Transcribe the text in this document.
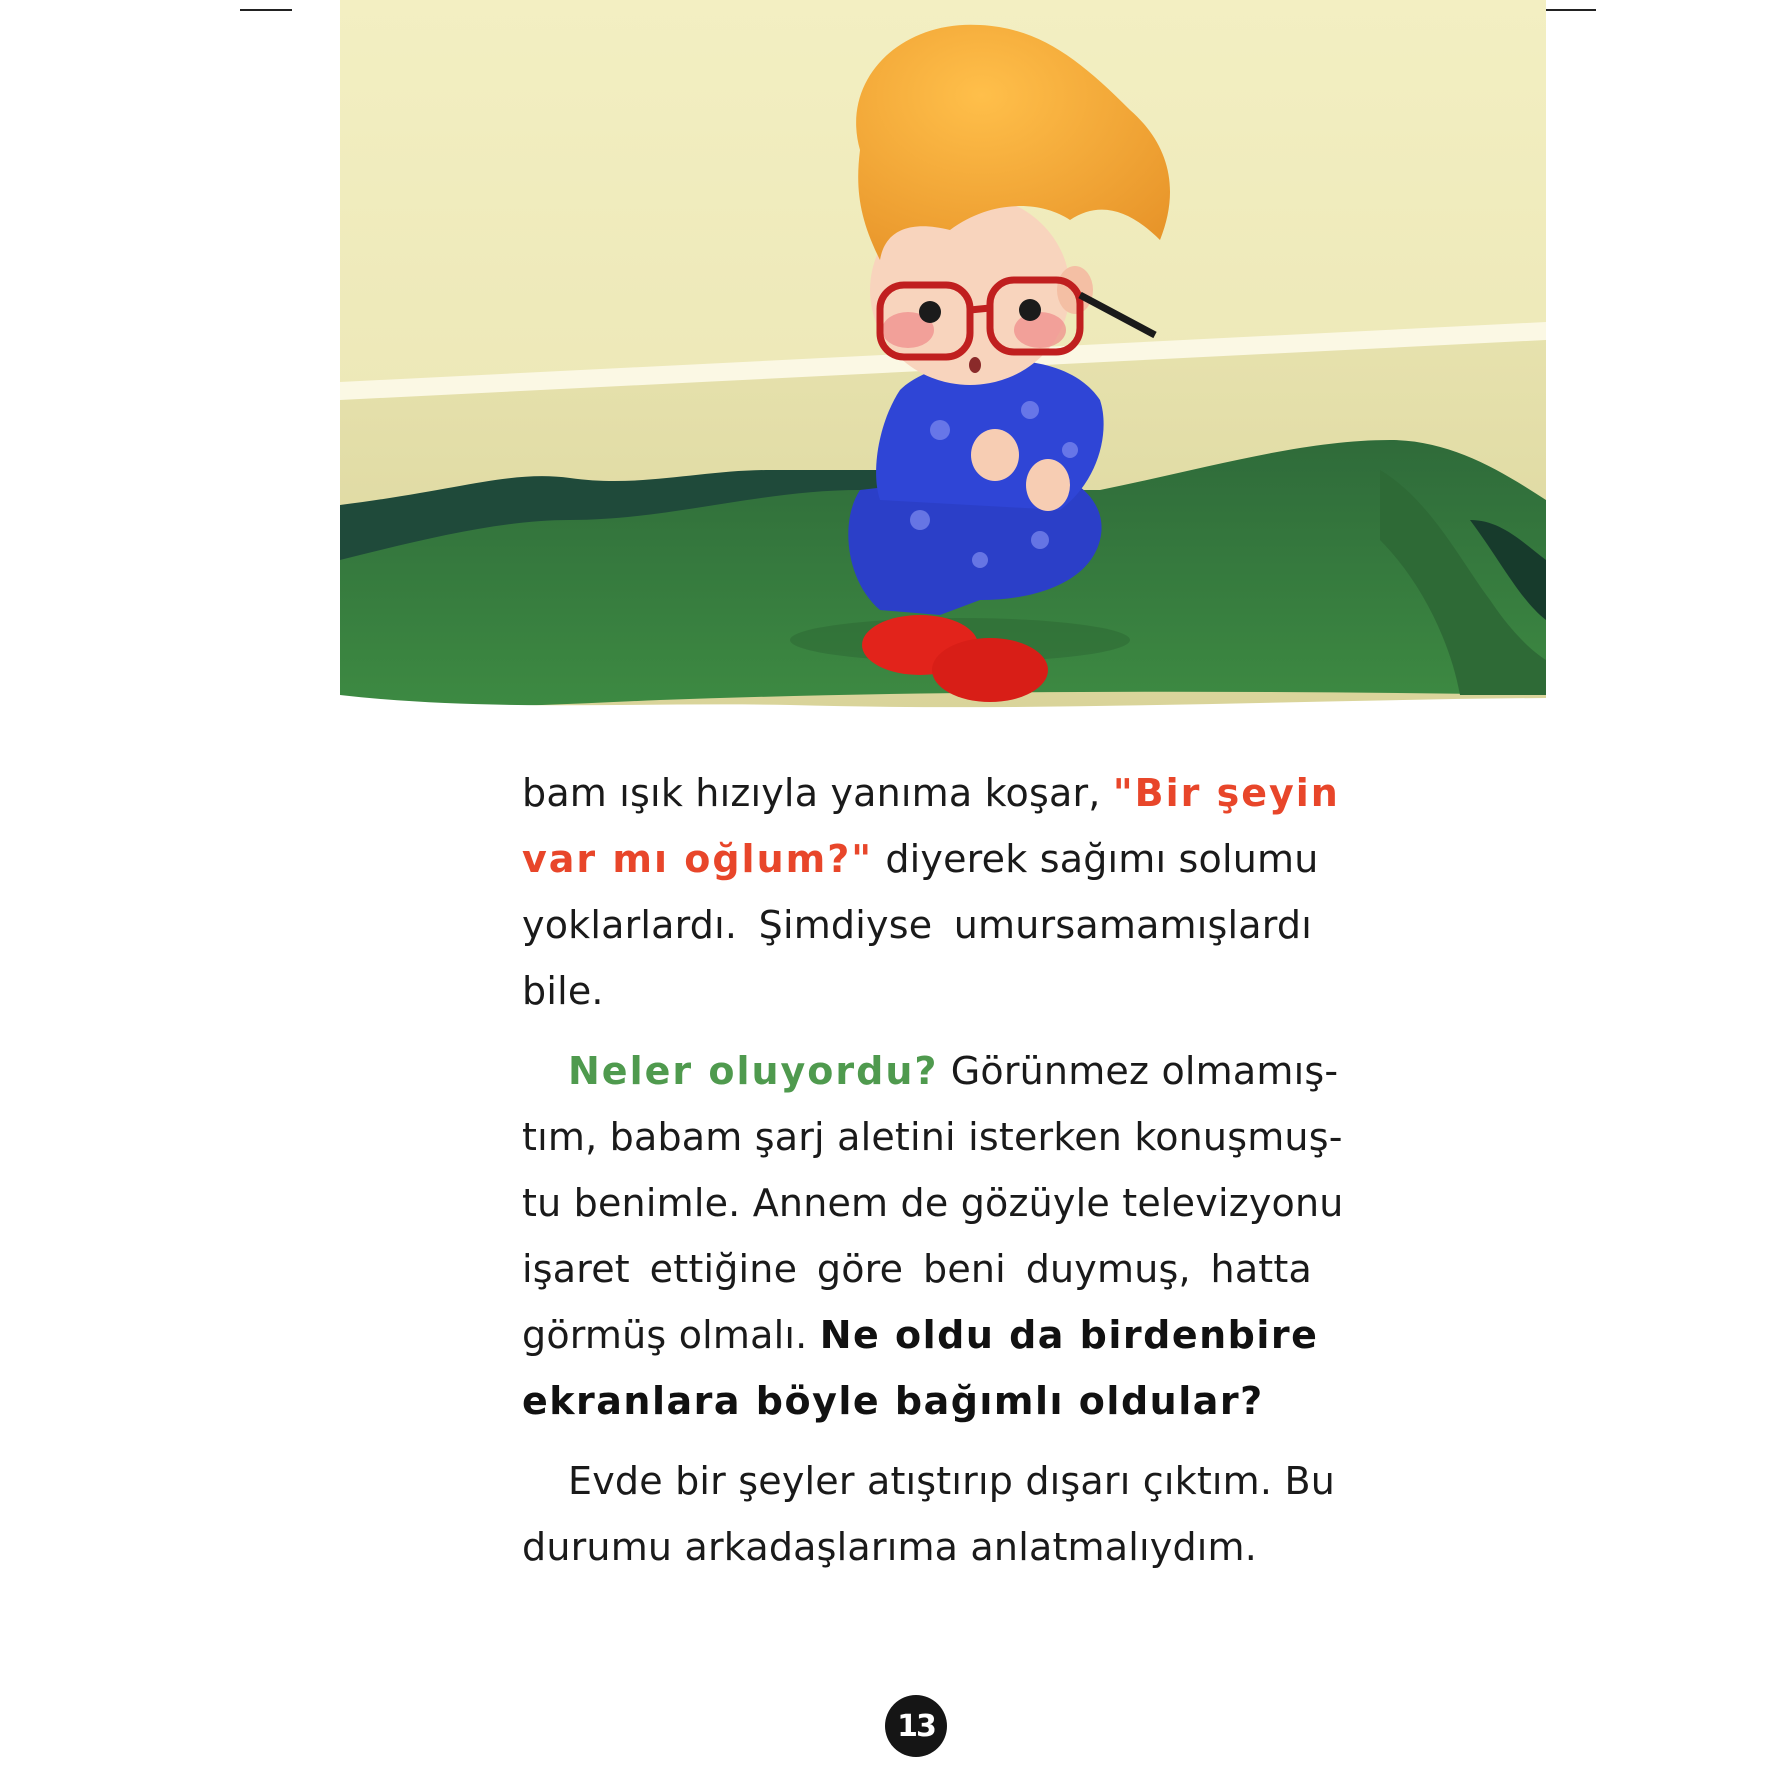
bam ışık hızıyla yanıma koşar, "Bir şeyin
var mı oğlum?" diyerek sağımı solumu
yoklarlardı. Şimdiyse umursamamışlardı
bile.
Neler oluyordu? Görünmez olmamış-
tım, babam şarj aletini isterken konuşmuş-
tu benimle. Annem de gözüyle televizyonu
işaret ettiğine göre beni duymuş, hatta
görmüş olmalı. Ne oldu da birdenbire
ekranlara böyle bağımlı oldular?
Evde bir şeyler atıştırıp dışarı çıktım. Bu
durumu arkadaşlarıma anlatmalıydım.
13
